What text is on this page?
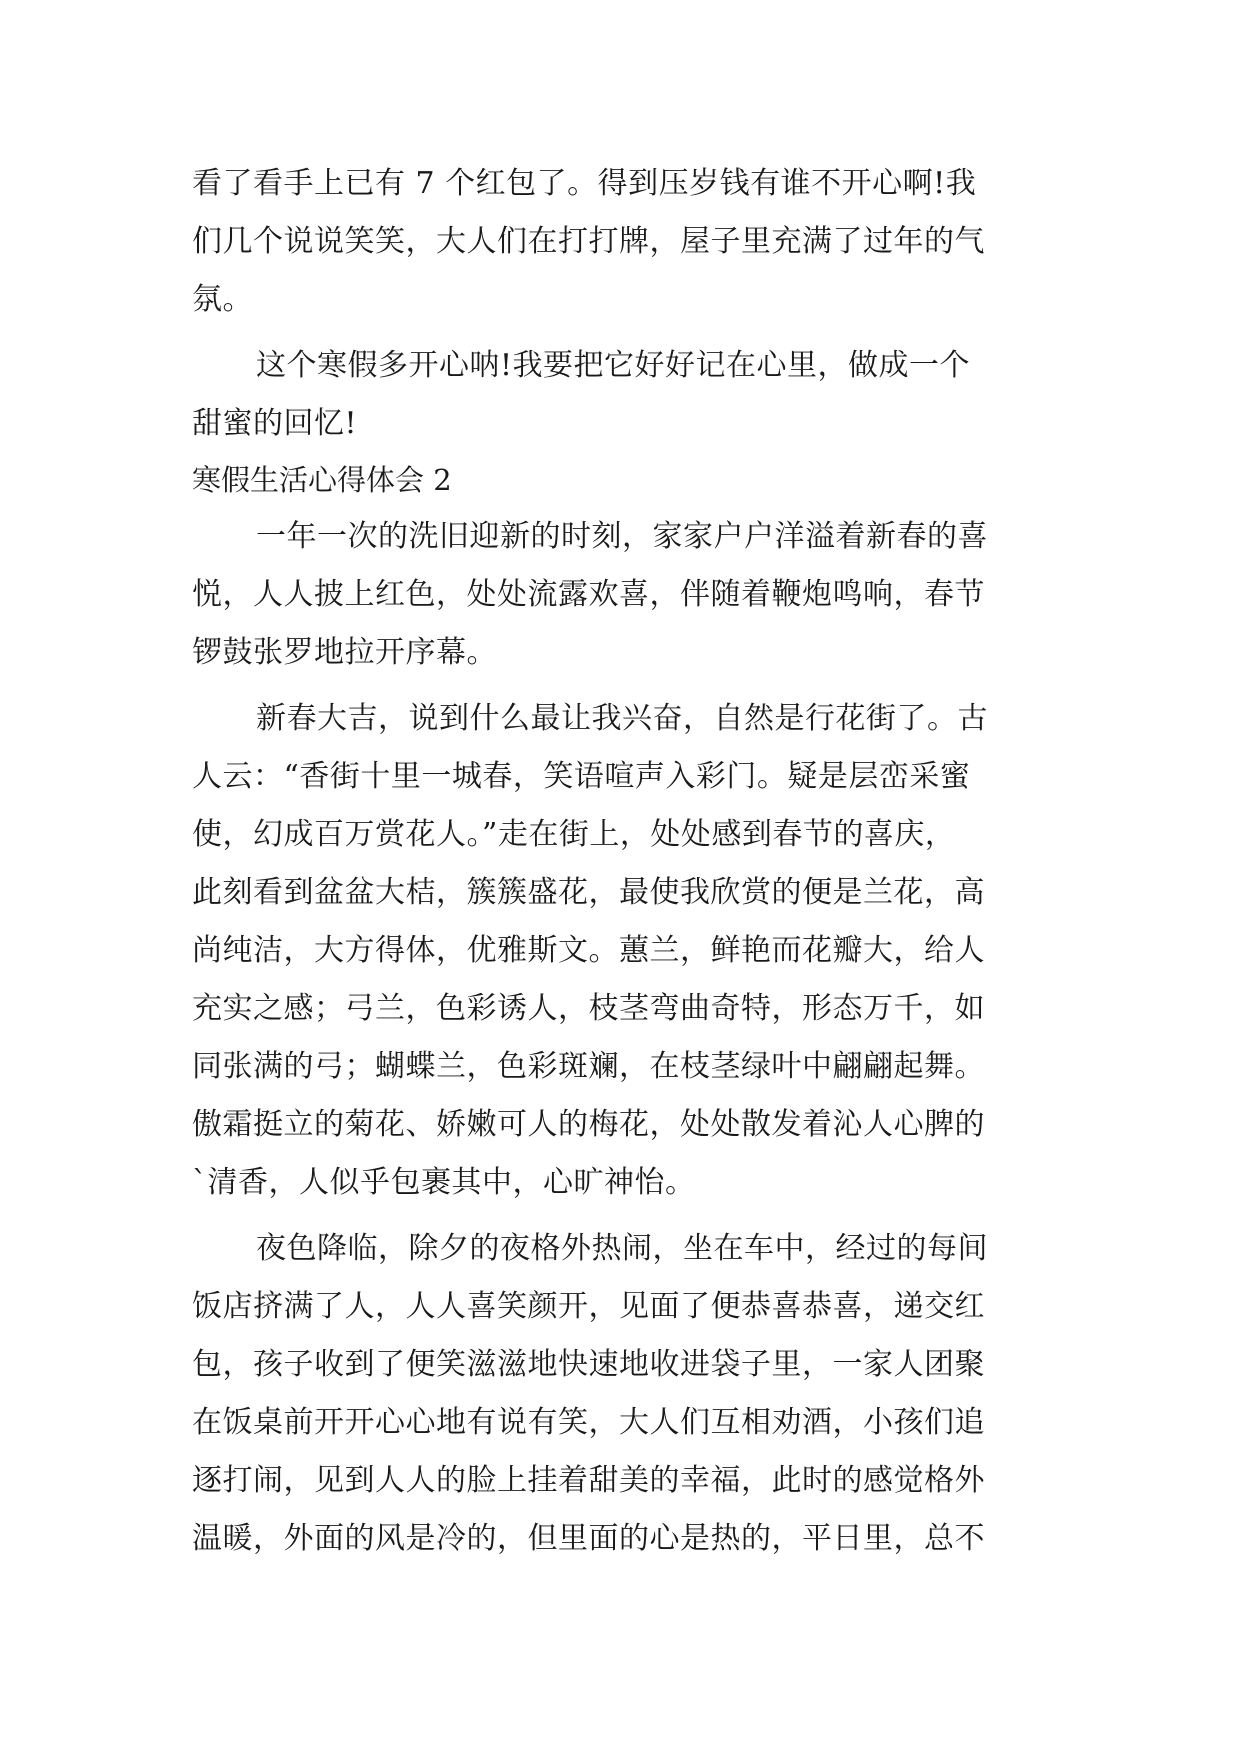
看了看手上已有 7 个红包了。得到压岁钱有谁不开心啊!我
们几个说说笑笑，大人们在打打牌，屋子里充满了过年的气
氛。
这个寒假多开心呐!我要把它好好记在心里，做成一个
甜蜜的回忆!
寒假生活心得体会 2
一年一次的洗旧迎新的时刻，家家户户洋溢着新春的喜
悦，人人披上红色，处处流露欢喜，伴随着鞭炮鸣响，春节
锣鼓张罗地拉开序幕。
新春大吉，说到什么最让我兴奋，自然是行花街了。古
人云：“香街十里一城春，笑语喧声入彩门。疑是层峦采蜜
使，幻成百万赏花人。”走在街上，处处感到春节的喜庆，
此刻看到盆盆大桔，簇簇盛花，最使我欣赏的便是兰花，高
尚纯洁，大方得体，优雅斯文。蕙兰，鲜艳而花瓣大，给人
充实之感；弓兰，色彩诱人，枝茎弯曲奇特，形态万千，如
同张满的弓；蝴蝶兰，色彩斑斓，在枝茎绿叶中翩翩起舞。
傲霜挺立的菊花、娇嫩可人的梅花，处处散发着沁人心脾的
`清香，人似乎包裹其中，心旷神怡。
夜色降临，除夕的夜格外热闹，坐在车中，经过的每间
饭店挤满了人，人人喜笑颜开，见面了便恭喜恭喜，递交红
包，孩子收到了便笑滋滋地快速地收进袋子里，一家人团聚
在饭桌前开开心心地有说有笑，大人们互相劝酒，小孩们追
逐打闹，见到人人的脸上挂着甜美的幸福，此时的感觉格外
温暖，外面的风是冷的，但里面的心是热的，平日里，总不
